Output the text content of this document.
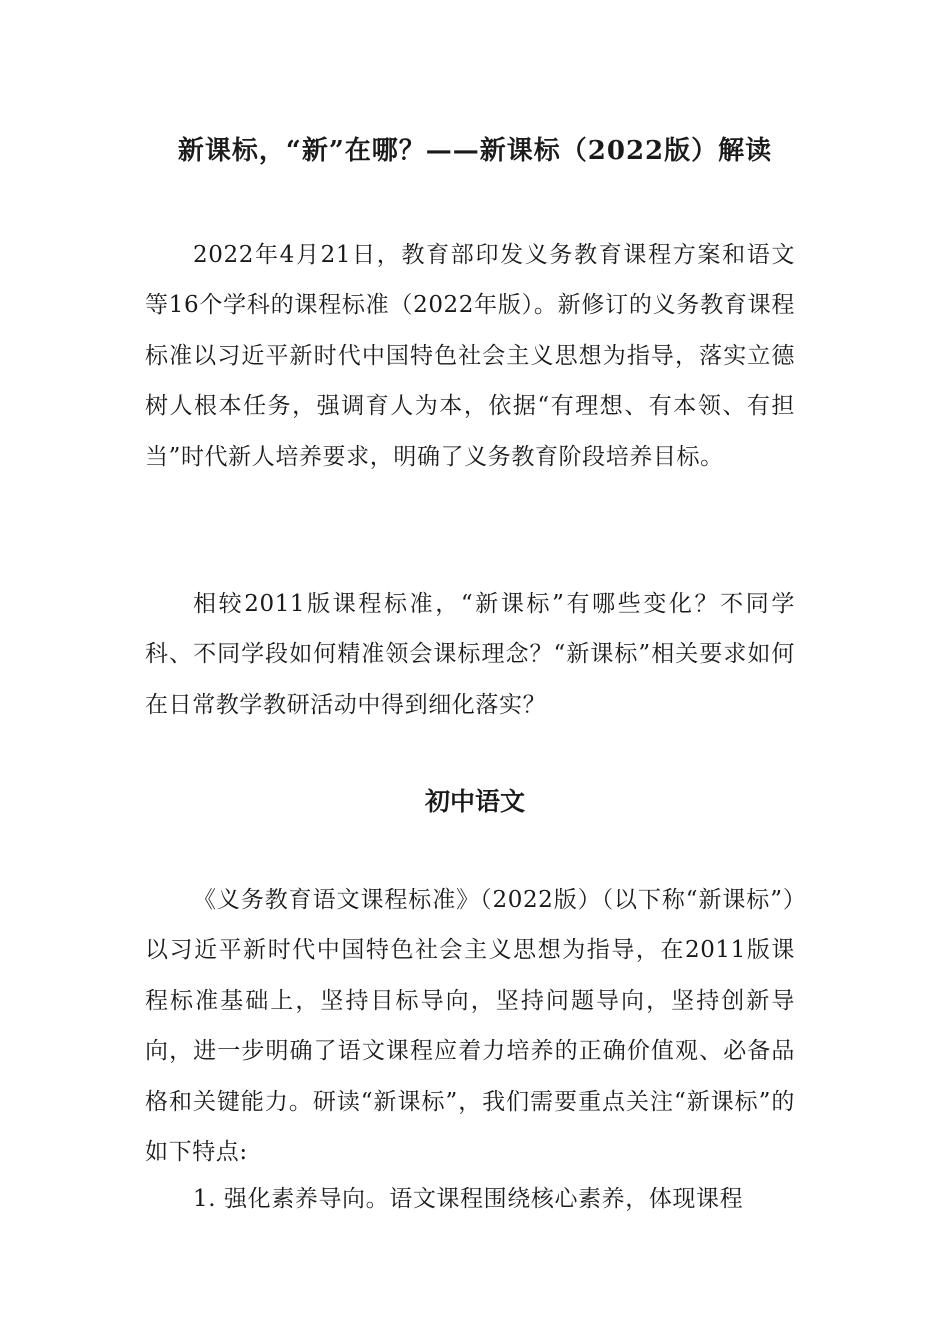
新课标，“新”在哪？——新课标（2022版）解读

2022年4月21日，教育部印发义务教育课程方案和语文等16个学科的课程标准（2022年版）。新修订的义务教育课程标准以习近平新时代中国特色社会主义思想为指导，落实立德树人根本任务，强调育人为本，依据“有理想、有本领、有担当”时代新人培养要求，明确了义务教育阶段培养目标。

相较2011版课程标准，“新课标”有哪些变化？不同学科、不同学段如何精准领会课标理念？“新课标”相关要求如何在日常教学教研活动中得到细化落实？

初中语文

《义务教育语文课程标准》（2022版）（以下称“新课标”）以习近平新时代中国特色社会主义思想为指导，在2011版课程标准基础上，坚持目标导向，坚持问题导向，坚持创新导向，进一步明确了语文课程应着力培养的正确价值观、必备品格和关键能力。研读“新课标”，我们需要重点关注“新课标”的如下特点:

1. 强化素养导向。语文课程围绕核心素养，体现课程
